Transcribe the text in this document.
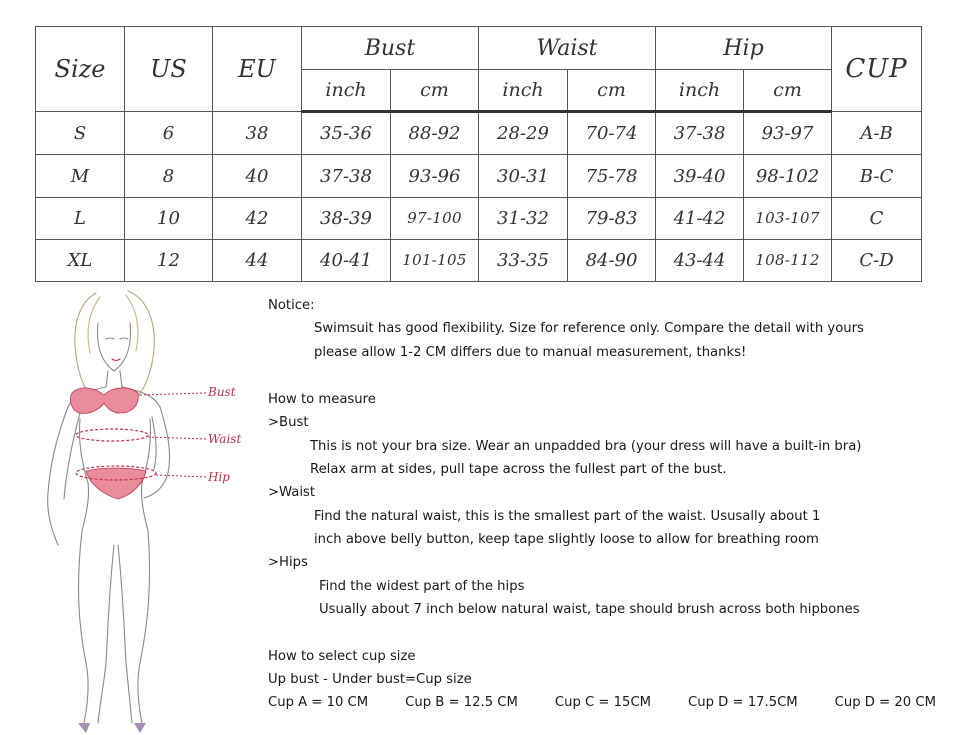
Size	US	EU	Bust		Waist		Hip		CUP
			inch	cm	inch	cm	inch	cm	
S	6	38	35-36	88-92	28-29	70-74	37-38	93-97	A-B
M	8	40	37-38	93-96	30-31	75-78	39-40	98-102	B-C
L	10	42	38-39	97-100	31-32	79-83	41-42	103-107	C
XL	12	44	40-41	101-105	33-35	84-90	43-44	108-112	C-D
Bust
Waist
Hip
Notice:
Swimsuit has good flexibility. Size for reference only. Compare the detail with yours
please allow 1-2 CM differs due to manual measurement, thanks!
How to measure
>Bust
This is not your bra size. Wear an unpadded bra (your dress will have a built-in bra)
Relax arm at sides, pull tape across the fullest part of the bust.
>Waist
Find the natural waist, this is the smallest part of the waist. Ususally about 1
inch above belly button, keep tape slightly loose to allow for breathing room
>Hips
Find the widest part of the hips
Usually about 7 inch below natural waist, tape should brush across both hipbones
How to select cup size
Up bust - Under bust=Cup size
Cup A = 10 CM	Cup B = 12.5 CM	Cup C = 15CM	Cup D = 17.5CM	Cup D = 20 CM
